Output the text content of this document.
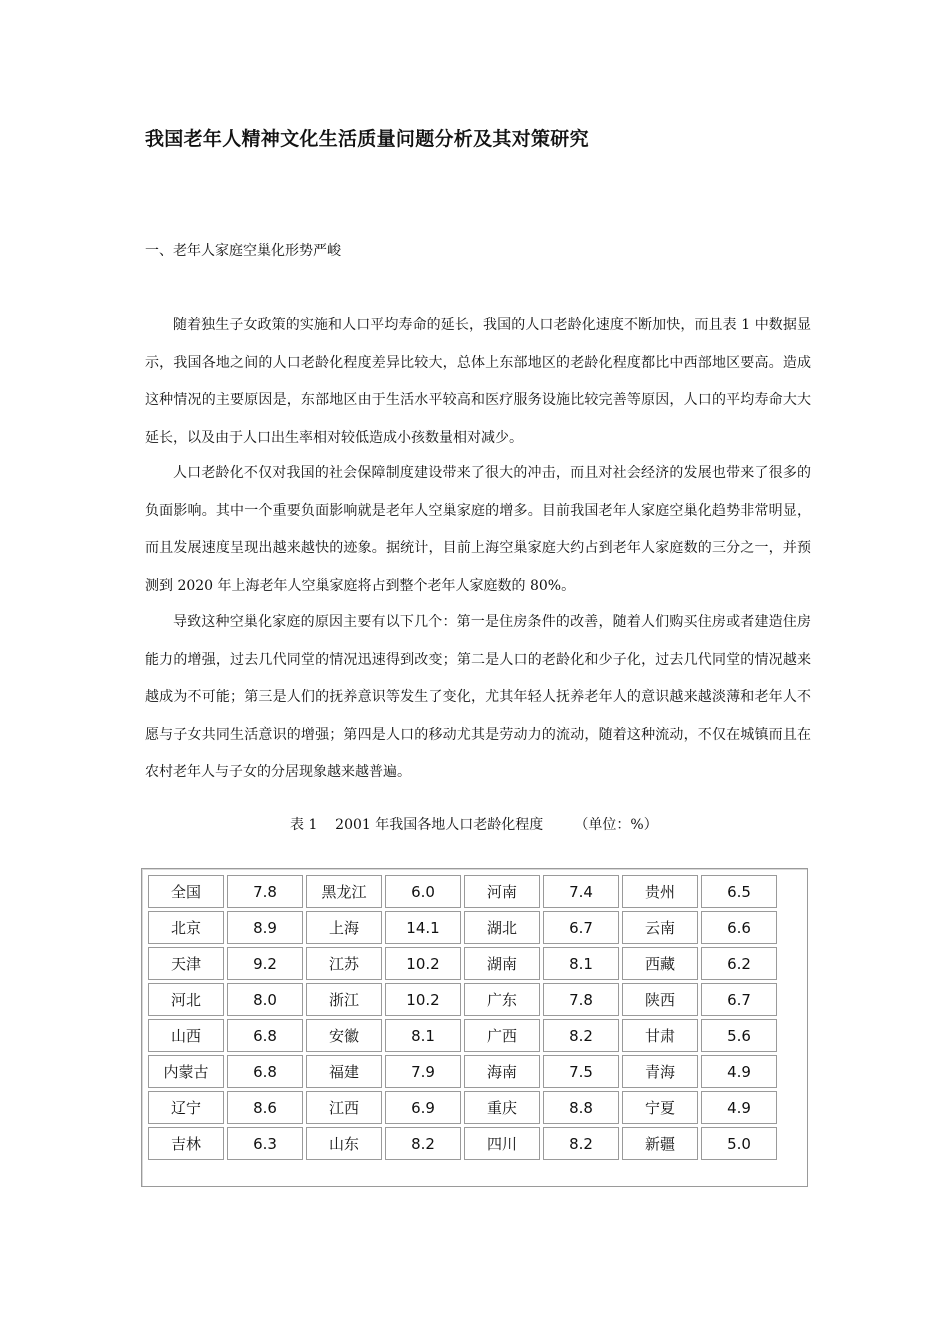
我国老年人精神文化生活质量问题分析及其对策研究
一、老年人家庭空巢化形势严峻

随着独生子女政策的实施和人口平均寿命的延长，我国的人口老龄化速度不断加快，而且表 1 中数据显示，我国各地之间的人口老龄化程度差异比较大，总体上东部地区的老龄化程度都比中西部地区要高。造成这种情况的主要原因是，东部地区由于生活水平较高和医疗服务设施比较完善等原因，人口的平均寿命大大延长，以及由于人口出生率相对较低造成小孩数量相对减少。

人口老龄化不仅对我国的社会保障制度建设带来了很大的冲击，而且对社会经济的发展也带来了很多的负面影响。其中一个重要负面影响就是老年人空巢家庭的增多。目前我国老年人家庭空巢化趋势非常明显，而且发展速度呈现出越来越快的迹象。据统计，目前上海空巢家庭大约占到老年人家庭数的三分之一，并预测到 2020 年上海老年人空巢家庭将占到整个老年人家庭数的 80%。

导致这种空巢化家庭的原因主要有以下几个：第一是住房条件的改善，随着人们购买住房或者建造住房能力的增强，过去几代同堂的情况迅速得到改变；第二是人口的老龄化和少子化，过去几代同堂的情况越来越成为不可能；第三是人们的抚养意识等发生了变化，尤其年轻人抚养老年人的意识越来越淡薄和老年人不愿与子女共同生活意识的增强；第四是人口的移动尤其是劳动力的流动，随着这种流动，不仅在城镇而且在农村老年人与子女的分居现象越来越普遍。

表 1    2001 年我国各地人口老龄化程度       （单位：%）
全国	7.8	黑龙江	6.0	河南	7.4	贵州	6.5
北京	8.9	上海	14.1	湖北	6.7	云南	6.6
天津	9.2	江苏	10.2	湖南	8.1	西藏	6.2
河北	8.0	浙江	10.2	广东	7.8	陕西	6.7
山西	6.8	安徽	8.1	广西	8.2	甘肃	5.6
内蒙古	6.8	福建	7.9	海南	7.5	青海	4.9
辽宁	8.6	江西	6.9	重庆	8.8	宁夏	4.9
吉林	6.3	山东	8.2	四川	8.2	新疆	5.0
